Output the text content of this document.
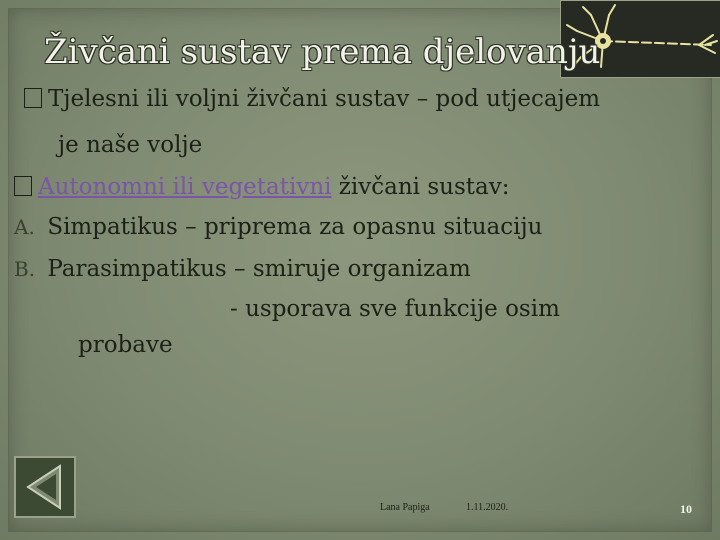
Živčani sustav prema djelovanju
Tjelesni ili voljni živčani sustav – pod utjecajem
je naše volje
Autonomni ili vegetativni živčani sustav:
A. Simpatikus – priprema za opasnu situaciju
B. Parasimpatikus – smiruje organizam
- usporava sve funkcije osim
probave
Lana Papiga	1.11.2020.	10
